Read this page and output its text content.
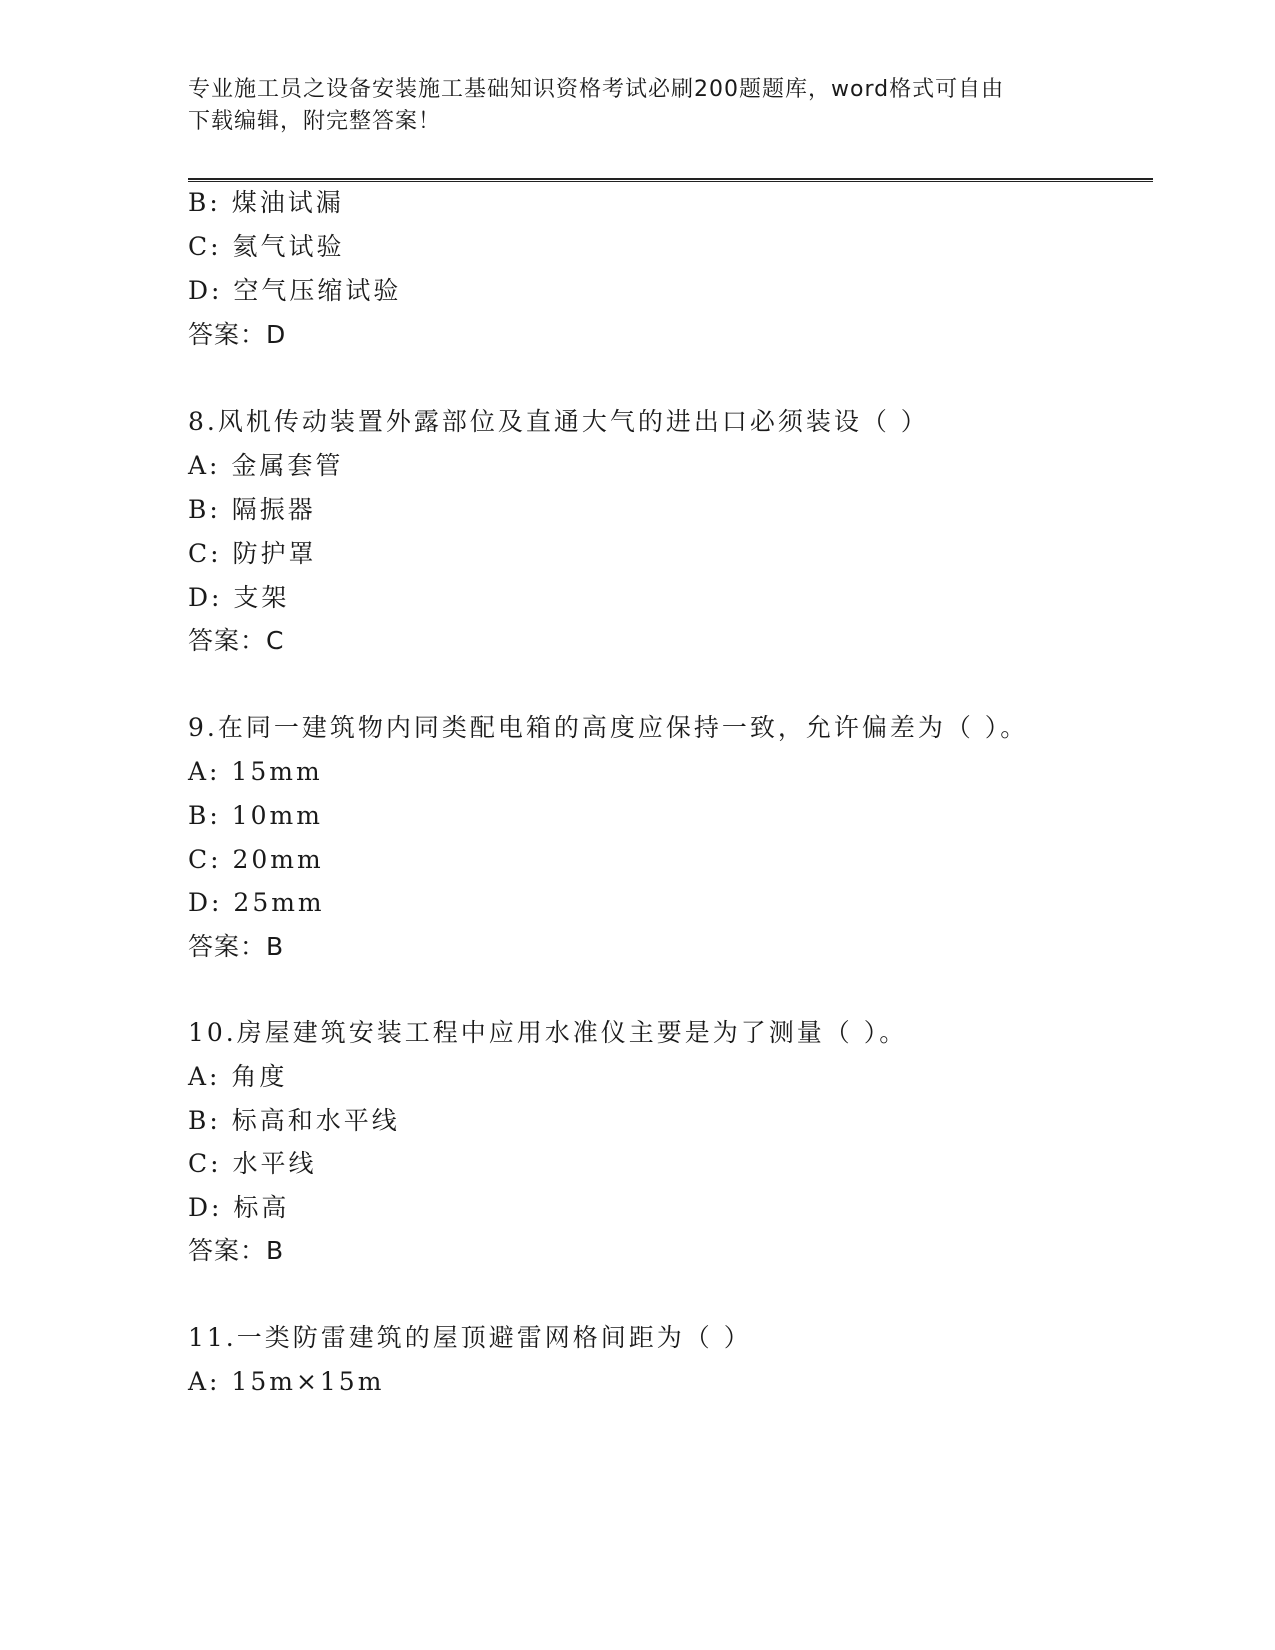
专业施工员之设备安装施工基础知识资格考试必刷200题题库，word格式可自由
下载编辑，附完整答案！
B: 煤油试漏
C: 氦气试验
D: 空气压缩试验
答案：D
8.风机传动装置外露部位及直通大气的进出口必须装设（ ）
A: 金属套管
B: 隔振器
C: 防护罩
D: 支架
答案：C
9.在同一建筑物内同类配电箱的高度应保持一致，允许偏差为（ ）。
A: 15mm
B: 10mm
C: 20mm
D: 25mm
答案：B
10.房屋建筑安装工程中应用水准仪主要是为了测量（ ）。
A: 角度
B: 标高和水平线
C: 水平线
D: 标高
答案：B
11.一类防雷建筑的屋顶避雷网格间距为（ ）
A: 15m×15m
